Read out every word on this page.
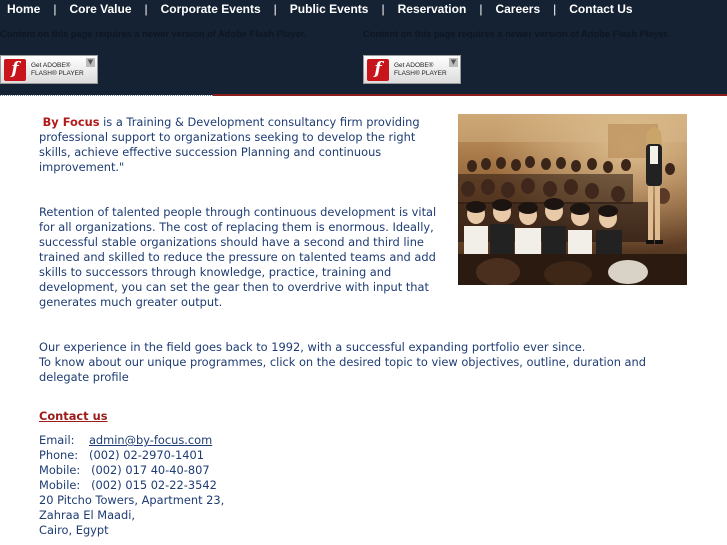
Home | Core Value | Corporate Events | Public Events | Reservation | Careers | Contact Us
Content on this page requires a newer version of Adobe Flash Player.
f	Get ADOBE®
FLASH® PLAYER
▼
Content on this page requires a newer version of Adobe Flash Player.
f	Get ADOBE®
FLASH® PLAYER
▼

By Focus is a Training & Development consultancy firm providing professional support to organizations seeking to develop the right skills, achieve effective succession Planning and continuous improvement."

Retention of talented people through continuous development is vital for all organizations. The cost of replacing them is enormous. Ideally, successful stable organizations should have a second and third line trained and skilled to reduce the pressure on talented teams and add skills to successors through knowledge, practice, training and development, you can set the gear then to overdrive with input that generates much greater output.

Our experience in the field goes back to 1992, with a successful expanding portfolio ever since.

To know about our unique programmes, click on the desired topic to view objectives, outline, duration and delegate profile

Contact us

Email: admin@by-focus.com

Phone: (002) 02-2970-1401

Mobile: (002) 017 40-40-807

Mobile: (002) 015 02-22-3542

20 Pitcho Towers, Apartment 23,

Zahraa El Maadi,

Cairo, Egypt
